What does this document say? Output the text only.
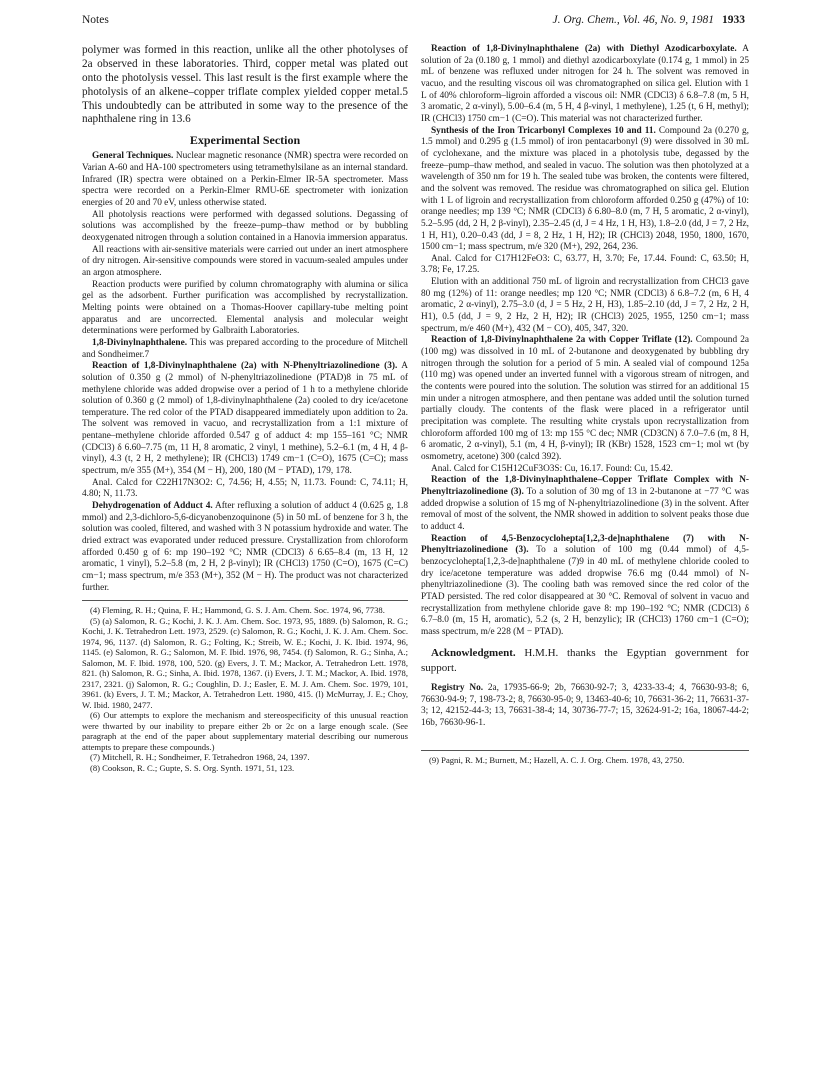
Notes	J. Org. Chem., Vol. 46, No. 9, 1981 1933

polymer was formed in this reaction, unlike all the other photolyses of 2a observed in these laboratories. Third, copper metal was plated out onto the photolysis vessel. This last result is the first example where the photolysis of an alkene–copper triflate complex yielded copper metal.5 This undoubtedly can be attributed in some way to the presence of the naphthalene ring in 13.6

Experimental Section

General Techniques. Nuclear magnetic resonance (NMR) spectra were recorded on Varian A-60 and HA-100 spectrometers using tetramethylsilane as an internal standard. Infrared (IR) spectra were obtained on a Perkin-Elmer IR-5A spectrometer. Mass spectra were recorded on a Perkin-Elmer RMU-6E spectrometer with ionization energies of 20 and 70 eV, unless otherwise stated.

All photolysis reactions were performed with degassed solutions. Degassing of solutions was accomplished by the freeze–pump–thaw method or by bubbling deoxygenated nitrogen through a solution contained in a Hanovia immersion apparatus.

All reactions with air-sensitive materials were carried out under an inert atmosphere of dry nitrogen. Air-sensitive compounds were stored in vacuum-sealed ampules under an argon atmosphere.

Reaction products were purified by column chromatography with alumina or silica gel as the adsorbent. Further purification was accomplished by recrystallization. Melting points were obtained on a Thomas-Hoover capillary-tube melting point apparatus and are uncorrected. Elemental analysis and molecular weight determinations were performed by Galbraith Laboratories.

1,8-Divinylnaphthalene. This was prepared according to the procedure of Mitchell and Sondheimer.7

Reaction of 1,8-Divinylnaphthalene (2a) with N-Phenyltriazolinedione (3). A solution of 0.350 g (2 mmol) of N-phenyltriazolinedione (PTAD)8 in 75 mL of methylene chloride was added dropwise over a period of 1 h to a methylene chloride solution of 0.360 g (2 mmol) of 1,8-divinylnaphthalene (2a) cooled to dry ice/acetone temperature. The red color of the PTAD disappeared immediately upon addition to 2a. The solvent was removed in vacuo, and recrystallization from a 1:1 mixture of pentane–methylene chloride afforded 0.547 g of adduct 4: mp 155–161 °C; NMR (CDCl3) δ 6.60–7.75 (m, 11 H, 8 aromatic, 2 vinyl, 1 methine), 5.2–6.1 (m, 4 H, 4 β-vinyl), 4.3 (t, 2 H, 2 methylene); IR (CHCl3) 1749 cm−1 (C=O), 1675 (C=C); mass spectrum, m/e 355 (M+), 354 (M − H), 200, 180 (M − PTAD), 179, 178.

Anal. Calcd for C22H17N3O2: C, 74.56; H, 4.55; N, 11.73. Found: C, 74.11; H, 4.80; N, 11.73.

Dehydrogenation of Adduct 4. After refluxing a solution of adduct 4 (0.625 g, 1.8 mmol) and 2,3-dichloro-5,6-dicyanobenzoquinone (5) in 50 mL of benzene for 3 h, the solution was cooled, filtered, and washed with 3 N potassium hydroxide and water. The dried extract was evaporated under reduced pressure. Crystallization from chloroform afforded 0.450 g of 6: mp 190–192 °C; NMR (CDCl3) δ 6.65–8.4 (m, 13 H, 12 aromatic, 1 vinyl), 5.2–5.8 (m, 2 H, 2 β-vinyl); IR (CHCl3) 1750 (C=O), 1675 (C=C) cm−1; mass spectrum, m/e 353 (M+), 352 (M − H). The product was not characterized further.

(4) Fleming, R. H.; Quina, F. H.; Hammond, G. S. J. Am. Chem. Soc. 1974, 96, 7738.

(5) (a) Salomon, R. G.; Kochi, J. K. J. Am. Chem. Soc. 1973, 95, 1889. (b) Salomon, R. G.; Kochi, J. K. Tetrahedron Lett. 1973, 2529. (c) Salomon, R. G.; Kochi, J. K. J. Am. Chem. Soc. 1974, 96, 1137. (d) Salomon, R. G.; Folting, K.; Streib, W. E.; Kochi, J. K. Ibid. 1974, 96, 1145. (e) Salomon, R. G.; Salomon, M. F. Ibid. 1976, 98, 7454. (f) Salomon, R. G.; Sinha, A.; Salomon, M. F. Ibid. 1978, 100, 520. (g) Evers, J. T. M.; Mackor, A. Tetrahedron Lett. 1978, 821. (h) Salomon, R. G.; Sinha, A. Ibid. 1978, 1367. (i) Evers, J. T. M.; Mackor, A. Ibid. 1978, 2317, 2321. (j) Salomon, R. G.; Coughlin, D. J.; Easler, E. M. J. Am. Chem. Soc. 1979, 101, 3961. (k) Evers, J. T. M.; Mackor, A. Tetrahedron Lett. 1980, 415. (l) McMurray, J. E.; Choy, W. Ibid. 1980, 2477.

(6) Our attempts to explore the mechanism and stereospecificity of this unusual reaction were thwarted by our inability to prepare either 2b or 2c on a large enough scale. (See paragraph at the end of the paper about supplementary material describing our numerous attempts to prepare these compounds.)

(7) Mitchell, R. H.; Sondheimer, F. Tetrahedron 1968, 24, 1397.

(8) Cookson, R. C.; Gupte, S. S. Org. Synth. 1971, 51, 123.

Reaction of 1,8-Divinylnaphthalene (2a) with Diethyl Azodicarboxylate. A solution of 2a (0.180 g, 1 mmol) and diethyl azodicarboxylate (0.174 g, 1 mmol) in 25 mL of benzene was refluxed under nitrogen for 24 h. The solvent was removed in vacuo, and the resulting viscous oil was chromatographed on silica gel. Elution with 1 L of 40% chloroform–ligroin afforded a viscous oil: NMR (CDCl3) δ 6.8–7.8 (m, 5 H, 3 aromatic, 2 α-vinyl), 5.00–6.4 (m, 5 H, 4 β-vinyl, 1 methylene), 1.25 (t, 6 H, methyl); IR (CHCl3) 1750 cm−1 (C=O). This material was not characterized further.

Synthesis of the Iron Tricarbonyl Complexes 10 and 11. Compound 2a (0.270 g, 1.5 mmol) and 0.295 g (1.5 mmol) of iron pentacarbonyl (9) were dissolved in 30 mL of cyclohexane, and the mixture was placed in a photolysis tube, degassed by the freeze–pump–thaw method, and sealed in vacuo. The solution was then photolyzed at a wavelength of 350 nm for 19 h. The sealed tube was broken, the contents were filtered, and the solvent was removed. The residue was chromatographed on silica gel. Elution with 1 L of ligroin and recrystallization from chloroform afforded 0.250 g (47%) of 10: orange needles; mp 139 °C; NMR (CDCl3) δ 6.80–8.0 (m, 7 H, 5 aromatic, 2 α-vinyl), 5.2–5.95 (dd, 2 H, 2 β-vinyl), 2.35–2.45 (d, J = 4 Hz, 1 H, H3), 1.8–2.0 (dd, J = 7, 2 Hz, 1 H, H1), 0.20–0.43 (dd, J = 8, 2 Hz, 1 H, H2); IR (CHCl3) 2048, 1950, 1800, 1670, 1500 cm−1; mass spectrum, m/e 320 (M+), 292, 264, 236.

Anal. Calcd for C17H12FeO3: C, 63.77, H, 3.70; Fe, 17.44. Found: C, 63.50; H, 3.78; Fe, 17.25.

Elution with an additional 750 mL of ligroin and recrystallization from CHCl3 gave 80 mg (12%) of 11: orange needles; mp 120 °C; NMR (CDCl3) δ 6.8–7.2 (m, 6 H, 4 aromatic, 2 α-vinyl), 2.75–3.0 (d, J = 5 Hz, 2 H, H3), 1.85–2.10 (dd, J = 7, 2 Hz, 2 H, H1), 0.5 (dd, J = 9, 2 Hz, 2 H, H2); IR (CHCl3) 2025, 1955, 1250 cm−1; mass spectrum, m/e 460 (M+), 432 (M − CO), 405, 347, 320.

Reaction of 1,8-Divinylnaphthalene 2a with Copper Triflate (12). Compound 2a (100 mg) was dissolved in 10 mL of 2-butanone and deoxygenated by bubbling dry nitrogen through the solution for a period of 5 min. A sealed vial of compound 125a (110 mg) was opened under an inverted funnel with a vigorous stream of nitrogen, and the contents were poured into the solution. The solution was stirred for an additional 15 min under a nitrogen atmosphere, and then pentane was added until the solution turned partially cloudy. The contents of the flask were placed in a refrigerator until precipitation was complete. The resulting white crystals upon recrystallization from chloroform afforded 100 mg of 13: mp 155 °C dec; NMR (CD3CN) δ 7.0–7.6 (m, 8 H, 6 aromatic, 2 α-vinyl), 5.1 (m, 4 H, β-vinyl); IR (KBr) 1528, 1523 cm−1; mol wt (by osmometry, acetone) 300 (calcd 392).

Anal. Calcd for C15H12CuF3O3S: Cu, 16.17. Found: Cu, 15.42.

Reaction of the 1,8-Divinylnaphthalene–Copper Triflate Complex with N-Phenyltriazolinedione (3). To a solution of 30 mg of 13 in 2-butanone at −77 °C was added dropwise a solution of 15 mg of N-phenyltriazolinedione (3) in the solvent. After removal of most of the solvent, the NMR showed in addition to solvent peaks those due to adduct 4.

Reaction of 4,5-Benzocyclohepta[1,2,3-de]naphthalene (7) with N-Phenyltriazolinedione (3). To a solution of 100 mg (0.44 mmol) of 4,5-benzocyclohepta[1,2,3-de]naphthalene (7)9 in 40 mL of methylene chloride cooled to dry ice/acetone temperature was added dropwise 76.6 mg (0.44 mmol) of N-phenyltriazolinedione (3). The cooling bath was removed since the red color of the PTAD persisted. The red color disappeared at 30 °C. Removal of solvent in vacuo and recrystallization from methylene chloride gave 8: mp 190–192 °C; NMR (CDCl3) δ 6.7–8.0 (m, 15 H, aromatic), 5.2 (s, 2 H, benzylic); IR (CHCl3) 1760 cm−1 (C=O); mass spectrum, m/e 228 (M − PTAD).

Acknowledgment. H.M.H. thanks the Egyptian government for support.

Registry No. 2a, 17935-66-9; 2b, 76630-92-7; 3, 4233-33-4; 4, 76630-93-8; 6, 76630-94-9; 7, 198-73-2; 8, 76630-95-0; 9, 13463-40-6; 10, 76631-36-2; 11, 76631-37-3; 12, 42152-44-3; 13, 76631-38-4; 14, 30736-77-7; 15, 32624-91-2; 16a, 18067-44-2; 16b, 76630-96-1.

(9) Pagni, R. M.; Burnett, M.; Hazell, A. C. J. Org. Chem. 1978, 43, 2750.
